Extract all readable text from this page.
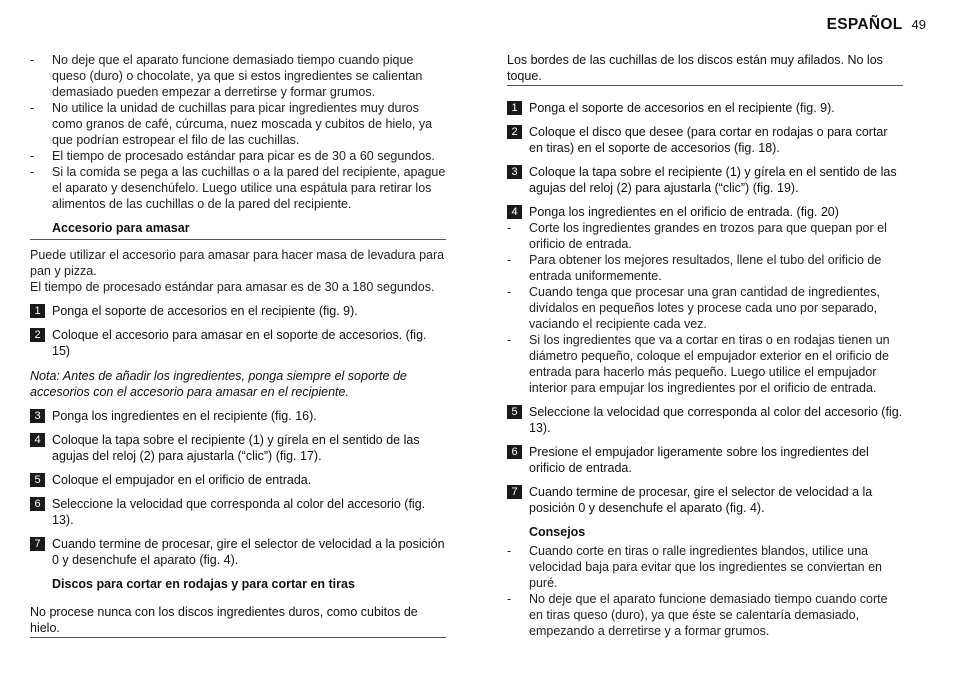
ESPAÑOL 49
- No deje que el aparato funcione demasiado tiempo cuando pique queso (duro) o chocolate, ya que si estos ingredientes se calientan demasiado pueden empezar a derretirse y formar grumos.
- No utilice la unidad de cuchillas para picar ingredientes muy duros como granos de café, cúrcuma, nuez moscada y cubitos de hielo, ya que podrían estropear el filo de las cuchillas.
- El tiempo de procesado estándar para picar es de 30 a 60 segundos.
- Si la comida se pega a las cuchillas o a la pared del recipiente, apague el aparato y desenchúfelo. Luego utilice una espátula para retirar los alimentos de las cuchillas o de la pared del recipiente.
Accesorio para amasar
Puede utilizar el accesorio para amasar para hacer masa de levadura para pan y pizza.
El tiempo de procesado estándar para amasar es de 30 a 180 segundos.
1 Ponga el soporte de accesorios en el recipiente (fig. 9).
2 Coloque el accesorio para amasar en el soporte de accesorios. (fig. 15)
Nota: Antes de añadir los ingredientes, ponga siempre el soporte de accesorios con el accesorio para amasar en el recipiente.
3 Ponga los ingredientes en el recipiente (fig. 16).
4 Coloque la tapa sobre el recipiente (1) y gírela en el sentido de las agujas del reloj (2) para ajustarla (“clic”) (fig. 17).
5 Coloque el empujador en el orificio de entrada.
6 Seleccione la velocidad que corresponda al color del accesorio (fig. 13).
7 Cuando termine de procesar, gire el selector de velocidad a la posición 0 y desenchufe el aparato (fig. 4).
Discos para cortar en rodajas y para cortar en tiras
No procese nunca con los discos ingredientes duros, como cubitos de hielo.
Los bordes de las cuchillas de los discos están muy afilados. No los toque.
1 Ponga el soporte de accesorios en el recipiente (fig. 9).
2 Coloque el disco que desee (para cortar en rodajas o para cortar en tiras) en el soporte de accesorios (fig. 18).
3 Coloque la tapa sobre el recipiente (1) y gírela en el sentido de las agujas del reloj (2) para ajustarla (“clic”) (fig. 19).
4 Ponga los ingredientes en el orificio de entrada. (fig. 20)
- Corte los ingredientes grandes en trozos para que quepan por el orificio de entrada.
- Para obtener los mejores resultados, llene el tubo del orificio de entrada uniformemente.
- Cuando tenga que procesar una gran cantidad de ingredientes, divídalos en pequeños lotes y procese cada uno por separado, vaciando el recipiente cada vez.
- Si los ingredientes que va a cortar en tiras o en rodajas tienen un diámetro pequeño, coloque el empujador exterior en el orificio de entrada para hacerlo más pequeño. Luego utilice el empujador interior para empujar los ingredientes por el orificio de entrada.
5 Seleccione la velocidad que corresponda al color del accesorio (fig. 13).
6 Presione el empujador ligeramente sobre los ingredientes del orificio de entrada.
7 Cuando termine de procesar, gire el selector de velocidad a la posición 0 y desenchufe el aparato (fig. 4).
Consejos
- Cuando corte en tiras o ralle ingredientes blandos, utilice una velocidad baja para evitar que los ingredientes se conviertan en puré.
- No deje que el aparato funcione demasiado tiempo cuando corte en tiras queso (duro), ya que éste se calentaría demasiado, empezando a derretirse y a formar grumos.
